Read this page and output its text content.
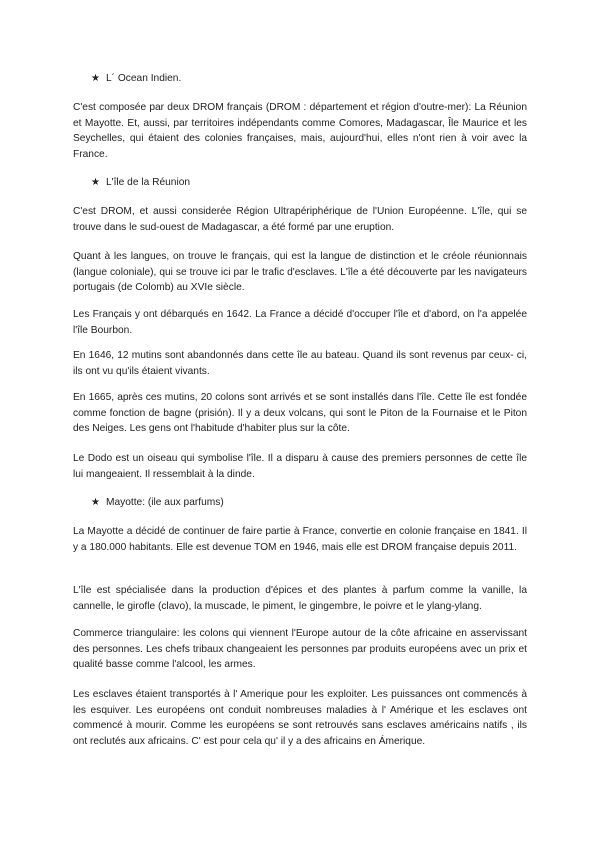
★ L´ Ocean Indien.

C'est composée par deux DROM français (DROM : département et région d'outre-mer): La Réunion et Mayotte. Et, aussi, par territoires indépendants comme Comores, Madagascar, Île Maurice et les Seychelles, qui étaient des colonies françaises, mais, aujourd'hui, elles n'ont rien à voir avec la France.

★ L'île de la Réunion

C'est DROM, et aussi considerée Région Ultrapériphérique de l'Union Européenne. L'île, qui se trouve dans le sud-ouest de Madagascar, a été formé par une eruption.

Quant à les langues, on trouve le français, qui est la langue de distinction et le créole réunionnais (langue coloniale), qui se trouve ici par le trafic d'esclaves. L'île a été découverte par les navigateurs portugais (de Colomb) au XVIe siècle.

Les Français y ont débarqués en 1642. La France a décidé d'occuper l'île et d'abord, on l'a appelée l'île Bourbon.

En 1646, 12 mutins sont abandonnés dans cette île au bateau. Quand ils sont revenus par ceux- ci, ils ont vu qu'ils étaient vivants.

En 1665, après ces mutins, 20 colons sont arrivés et se sont installés dans l'île. Cette île est fondée comme fonction de bagne (prisión). Il y a deux volcans, qui sont le Piton de la Fournaise et le Piton des Neiges. Les gens ont l'habitude d'habiter plus sur la côte.

Le Dodo est un oiseau qui symbolise l'île. Il a disparu à cause des premiers personnes de cette île lui mangeaient. Il ressemblait à la dinde.

★ Mayotte: (ile aux parfums)

La Mayotte a décidé de continuer de faire partie à France, convertie en colonie française en 1841. Il y a 180.000 habitants. Elle est devenue TOM en 1946, mais elle est DROM française depuis 2011.

L'île est spécialisée dans la production d'épices et des plantes à parfum comme la vanille, la cannelle, le girofle (clavo), la muscade, le piment, le gingembre, le poivre et le ylang-ylang.

Commerce triangulaire: les colons qui viennent l'Europe autour de la côte africaine en asservissant des personnes. Les chefs tribaux changeaient les personnes par produits européens avec un prix et qualité basse comme l'alcool, les armes.

Les esclaves étaient transportés à l' Amerique pour les exploiter. Les puissances ont commencés à les esquiver. Les européens ont conduit nombreuses maladies à l' Amérique et les esclaves ont commencé à mourir. Comme les européens se sont retrouvés sans esclaves américains natifs , ils ont reclutés aux africains. C' est pour cela qu' il y a des africains en Ámerique.
